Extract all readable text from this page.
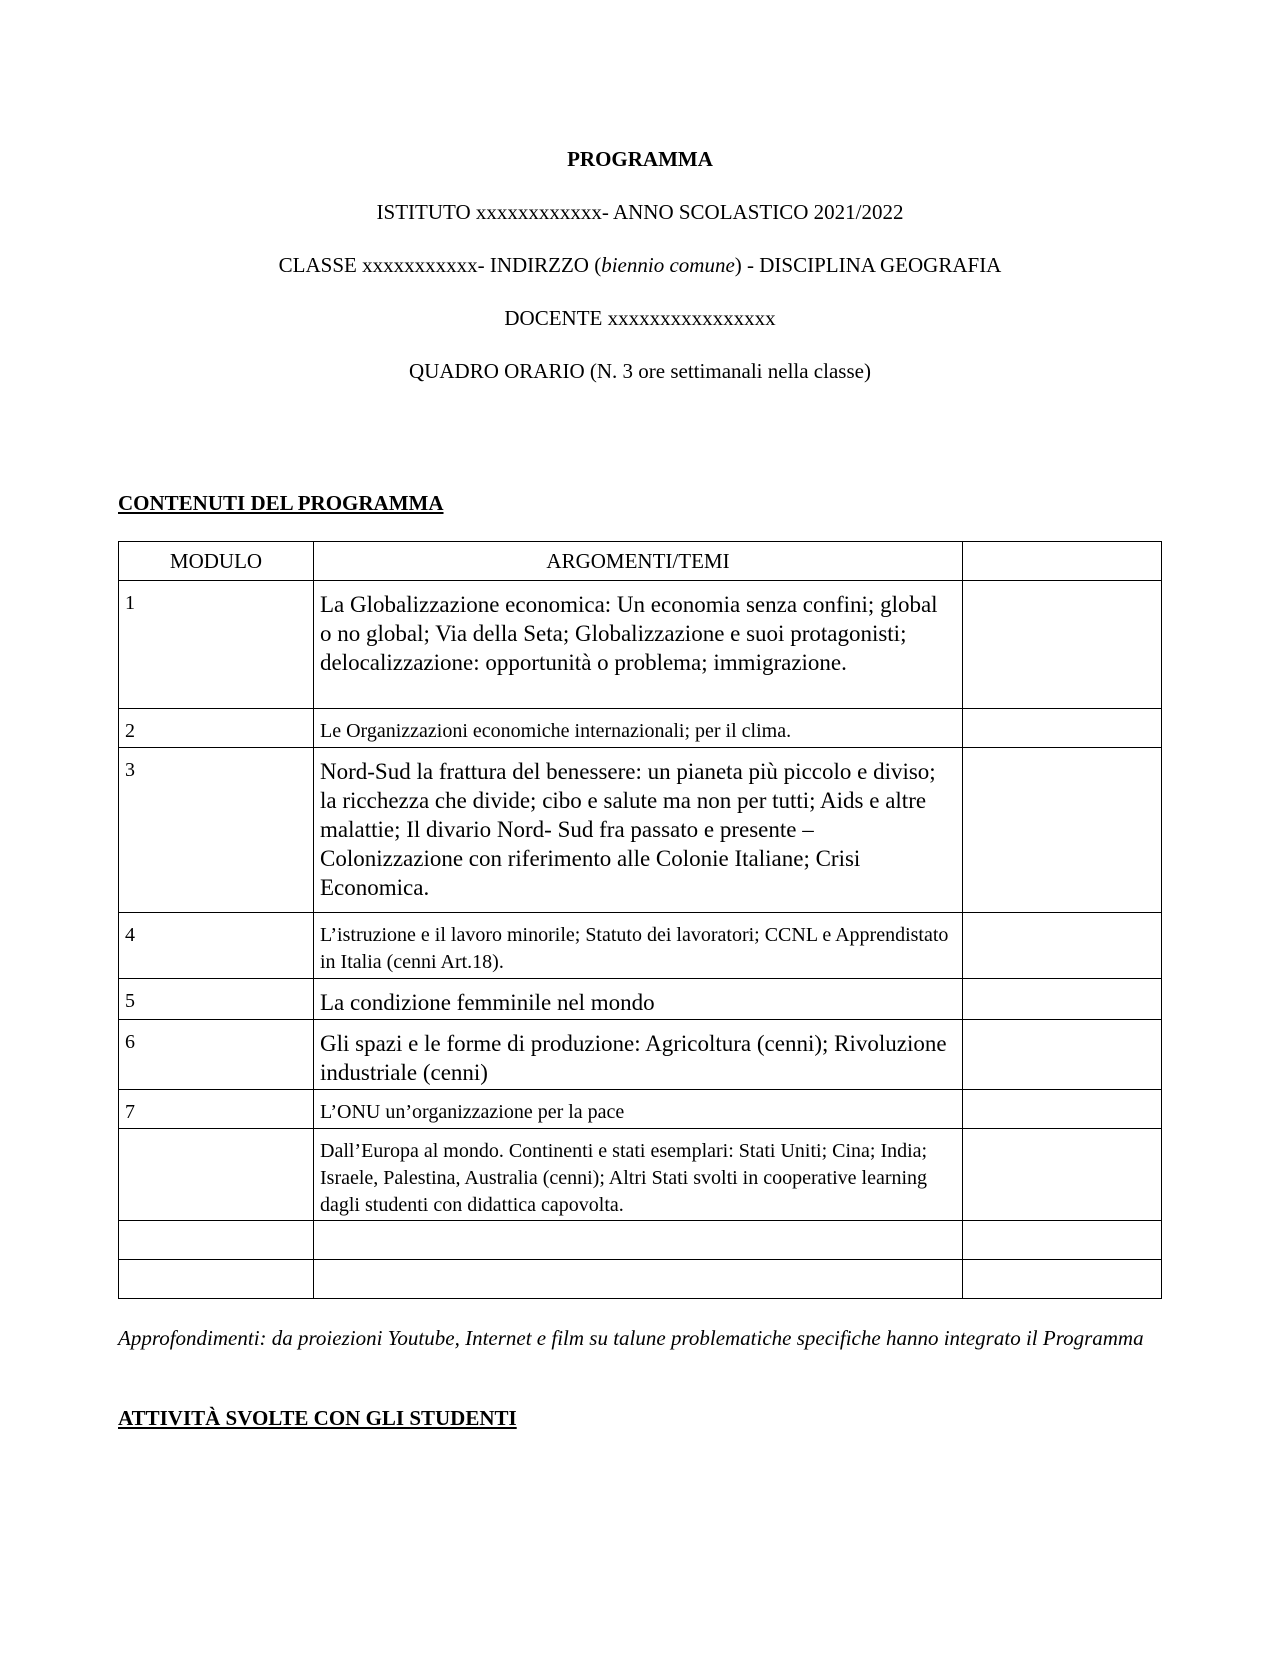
PROGRAMMA
ISTITUTO xxxxxxxxxxxx- ANNO SCOLASTICO 2021/2022
CLASSE xxxxxxxxxxx- INDIRZZO (biennio comune) - DISCIPLINA GEOGRAFIA
DOCENTE xxxxxxxxxxxxxxxx
QUADRO ORARIO (N. 3 ore settimanali nella classe)
CONTENUTI DEL PROGRAMMA
MODULO	ARGOMENTI/TEMI	
1	La Globalizzazione economica: Un economia senza confini; global o no global; Via della Seta; Globalizzazione e suoi protagonisti; delocalizzazione: opportunità o problema; immigrazione.	
2	Le Organizzazioni economiche internazionali; per il clima.	
3	Nord-Sud la frattura del benessere: un pianeta più piccolo e diviso; la ricchezza che divide; cibo e salute ma non per tutti; Aids e altre malattie; Il divario Nord- Sud fra passato e presente – Colonizzazione con riferimento alle Colonie Italiane; Crisi Economica.	
4	L’istruzione e il lavoro minorile; Statuto dei lavoratori; CCNL e Apprendistato in Italia (cenni Art.18).	
5	La condizione femminile nel mondo	
6	Gli spazi e le forme di produzione: Agricoltura (cenni); Rivoluzione industriale (cenni)	
7	L’ONU un’organizzazione per la pace	
	Dall’Europa al mondo. Continenti e stati esemplari: Stati Uniti; Cina; India; Israele, Palestina, Australia (cenni); Altri Stati svolti in cooperative learning dagli studenti con didattica capovolta.	

Approfondimenti: da proiezioni Youtube, Internet e film su talune problematiche specifiche hanno integrato il Programma
ATTIVITÀ SVOLTE CON GLI STUDENTI
